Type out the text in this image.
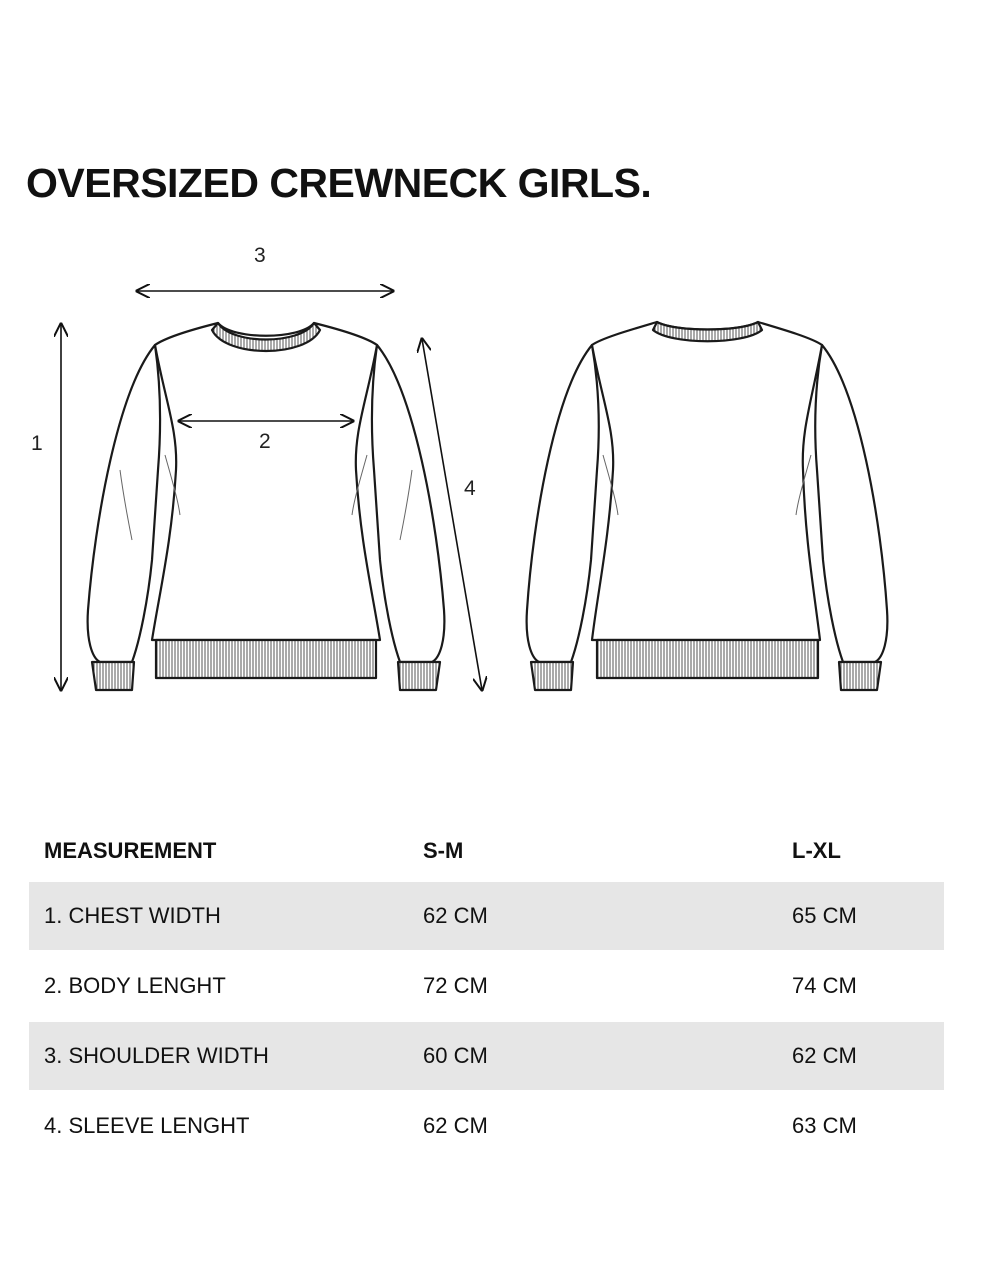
OVERSIZED CREWNECK GIRLS.
1	2
3
4
MEASUREMENT	S-M	L-XL
1. CHEST WIDTH	62 CM	65 CM
2. BODY LENGHT	72 CM	74 CM
3. SHOULDER WIDTH	60 CM	62 CM
4. SLEEVE LENGHT	62 CM	63 CM
